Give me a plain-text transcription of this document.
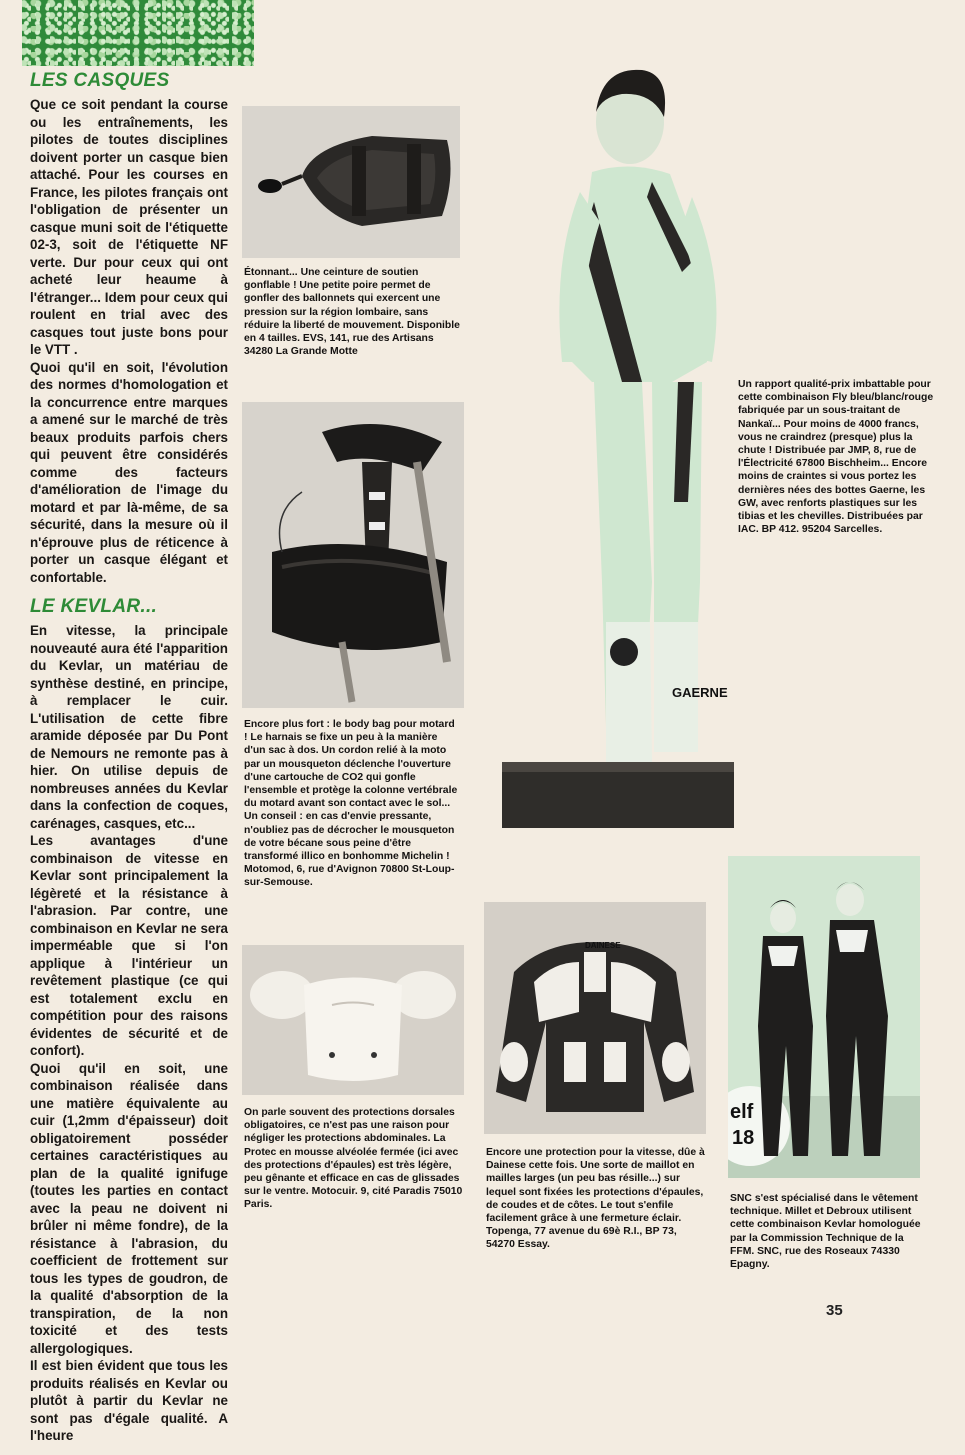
LES CASQUES

Que ce soit pendant la course ou les entraînements, les pilotes de toutes disciplines doivent porter un casque bien attaché. Pour les courses en France, les pilotes français ont l'obligation de présenter un casque muni soit de l'étiquette 02-3, soit de l'étiquette NF verte. Dur pour ceux qui ont acheté leur heaume à l'étranger... Idem pour ceux qui roulent en trial avec des casques tout juste bons pour le VTT .
Quoi qu'il en soit, l'évolution des normes d'homologation et la concurrence entre marques a amené sur le marché de très beaux produits parfois chers qui peuvent être considérés comme des facteurs d'amélioration de l'image du motard et par là-même, de sa sécurité, dans la mesure où il n'éprouve plus de réticence à porter un casque élégant et confortable.

LE KEVLAR...

En vitesse, la principale nouveauté aura été l'apparition du Kevlar, un matériau de synthèse destiné, en principe, à remplacer le cuir. L'utilisation de cette fibre aramide déposée par Du Pont de Nemours ne remonte pas à hier. On utilise depuis de nombreuses années du Kevlar dans la confection de coques, carénages, casques, etc...
Les avantages d'une combinaison de vitesse en Kevlar sont principalement la légèreté et la résistance à l'abrasion. Par contre, une combinaison en Kevlar ne sera imperméable que si l'on applique à l'intérieur un revêtement plastique (ce qui est totalement exclu en compétition pour des raisons évidentes de sécurité et de confort).
Quoi qu'il en soit, une combinaison réalisée dans une matière équivalente au cuir (1,2mm d'épaisseur) doit obligatoirement posséder certaines caractéristiques au plan de la qualité ignifuge (toutes les parties en contact avec la peau ne doivent ni brûler ni même fondre), de la résistance à l'abrasion, du coefficient de frottement sur tous les types de goudron, de la qualité d'absorption de la transpiration, de la non toxicité et des tests allergologiques.
Il est bien évident que tous les produits réalisés en Kevlar ou plutôt à partir du Kevlar ne sont pas d'égale qualité. A l'heure

Étonnant... Une ceinture de soutien gonflable ! Une petite poire permet de gonfler des ballonnets qui exercent une pression sur la région lombaire, sans réduire la liberté de mouvement. Disponible en 4 tailles. EVS, 141, rue des Artisans 34280 La Grande Motte

Encore plus fort : le body bag pour motard ! Le harnais se fixe un peu à la manière d'un sac à dos. Un cordon relié à la moto par un mousqueton déclenche l'ouverture d'une cartouche de CO2 qui gonfle l'ensemble et protège la colonne vertébrale du motard avant son contact avec le sol... Un conseil : en cas d'envie pressante, n'oubliez pas de décrocher le mousqueton de votre bécane sous peine d'être transformé illico en bonhomme Michelin ! Motomod, 6, rue d'Avignon 70800 St-Loup-sur-Semouse.

GAERNE

Un rapport qualité-prix imbattable pour cette combinaison Fly bleu/blanc/rouge fabriquée par un sous-traitant de Nankaï... Pour moins de 4000 francs, vous ne craindrez (presque) plus la chute ! Distribuée par JMP, 8, rue de l'Électricité 67800 Bischheim... Encore moins de craintes si vous portez les dernières nées des bottes Gaerne, les GW, avec renforts plastiques sur les tibias et les chevilles. Distribuées par IAC. BP 412. 95204 Sarcelles.

On parle souvent des protections dorsales obligatoires, ce n'est pas une raison pour négliger les protections abdominales. La Protec en mousse alvéolée fermée (ici avec des protections d'épaules) est très légère, peu gênante et efficace en cas de glissades sur le ventre. Motocuir. 9, cité Paradis 75010 Paris.

DAINESE

Encore une protection pour la vitesse, dûe à Dainese cette fois. Une sorte de maillot en mailles larges (un peu bas résille...) sur lequel sont fixées les protections d'épaules, de coudes et de côtes. Le tout s'enfile facilement grâce à une fermeture éclair. Topenga, 77 avenue du 69è R.I., BP 73, 54270 Essay.

elf
18

SNC s'est spécialisé dans le vêtement technique. Millet et Debroux utilisent cette combinaison Kevlar homologuée par la Commission Technique de la FFM. SNC, rue des Roseaux 74330 Epagny.

35
